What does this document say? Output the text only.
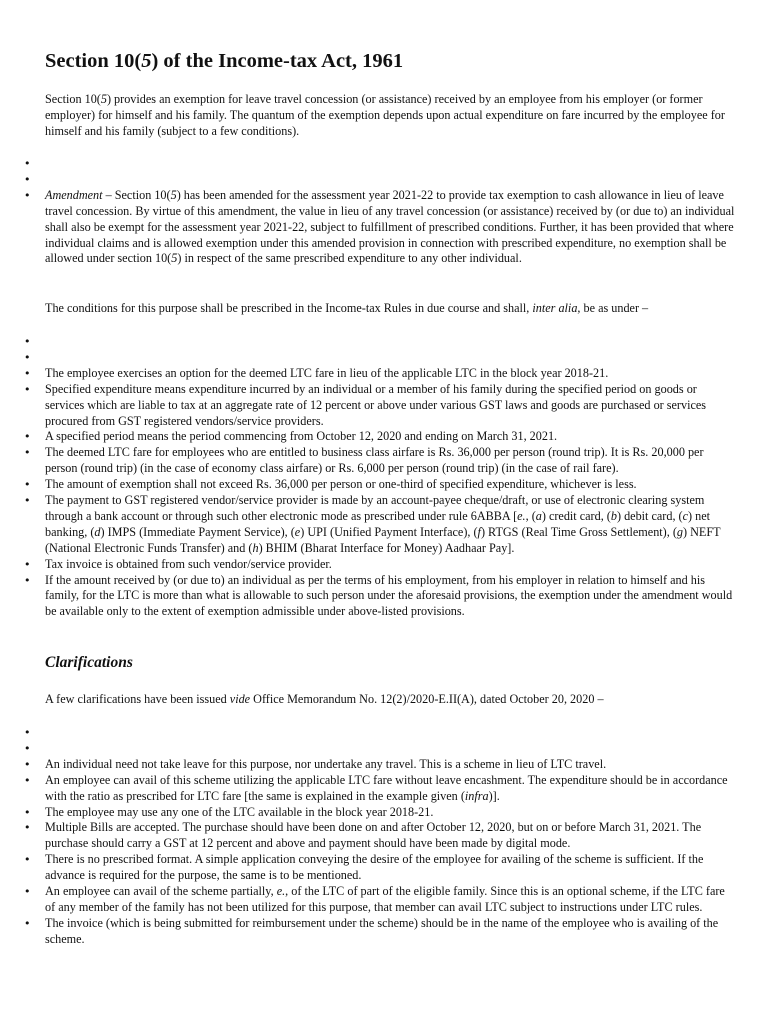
Section 10(5) of the Income-tax Act, 1961

Section 10(5) provides an exemption for leave travel concession (or assistance) received by an employee from his employer (or former employer) for himself and his family. The quantum of the exemption depends upon actual expenditure on fare incurred by the employee for himself and his family (subject to a few conditions).

•
•
• Amendment – Section 10(5) has been amended for the assessment year 2021-22 to provide tax exemption to cash allowance in lieu of leave travel concession. By virtue of this amendment, the value in lieu of any travel concession (or assistance) received by (or due to) an individual shall also be exempt for the assessment year 2021-22, subject to fulfillment of prescribed conditions. Further, it has been provided that where individual claims and is allowed exemption under this amended provision in connection with prescribed expenditure, no exemption shall be allowed under section 10(5) in respect of the same prescribed expenditure to any other individual.

The conditions for this purpose shall be prescribed in the Income-tax Rules in due course and shall, inter alia, be as under –

•
•
• The employee exercises an option for the deemed LTC fare in lieu of the applicable LTC in the block year 2018-21.
• Specified expenditure means expenditure incurred by an individual or a member of his family during the specified period on goods or services which are liable to tax at an aggregate rate of 12 percent or above under various GST laws and goods are purchased or services procured from GST registered vendors/service providers.
• A specified period means the period commencing from October 12, 2020 and ending on March 31, 2021.
• The deemed LTC fare for employees who are entitled to business class airfare is Rs. 36,000 per person (round trip). It is Rs. 20,000 per person (round trip) (in the case of economy class airfare) or Rs. 6,000 per person (round trip) (in the case of rail fare).
• The amount of exemption shall not exceed Rs. 36,000 per person or one-third of specified expenditure, whichever is less.
• The payment to GST registered vendor/service provider is made by an account-payee cheque/draft, or use of electronic clearing system through a bank account or through such other electronic mode as prescribed under rule 6ABBA [e., (a) credit card, (b) debit card, (c) net banking, (d) IMPS (Immediate Payment Service), (e) UPI (Unified Payment Interface), (f) RTGS (Real Time Gross Settlement), (g) NEFT (National Electronic Funds Transfer) and (h) BHIM (Bharat Interface for Money) Aadhaar Pay].
• Tax invoice is obtained from such vendor/service provider.
• If the amount received by (or due to) an individual as per the terms of his employment, from his employer in relation to himself and his family, for the LTC is more than what is allowable to such person under the aforesaid provisions, the exemption under the amendment would be available only to the extent of exemption admissible under above-listed provisions.
Clarifications

A few clarifications have been issued vide Office Memorandum No. 12(2)/2020-E.II(A), dated October 20, 2020 –

•
•
• An individual need not take leave for this purpose, nor undertake any travel. This is a scheme in lieu of LTC travel.
• An employee can avail of this scheme utilizing the applicable LTC fare without leave encashment. The expenditure should be in accordance with the ratio as prescribed for LTC fare [the same is explained in the example given (infra)].
• The employee may use any one of the LTC available in the block year 2018-21.
• Multiple Bills are accepted. The purchase should have been done on and after October 12, 2020, but on or before March 31, 2021. The purchase should carry a GST at 12 percent and above and payment should have been made by digital mode.
• There is no prescribed format. A simple application conveying the desire of the employee for availing of the scheme is sufficient. If the advance is required for the purpose, the same is to be mentioned.
• An employee can avail of the scheme partially, e., of the LTC of part of the eligible family. Since this is an optional scheme, if the LTC fare of any member of the family has not been utilized for this purpose, that member can avail LTC subject to instructions under LTC rules.
• The invoice (which is being submitted for reimbursement under the scheme) should be in the name of the employee who is availing of the scheme.
